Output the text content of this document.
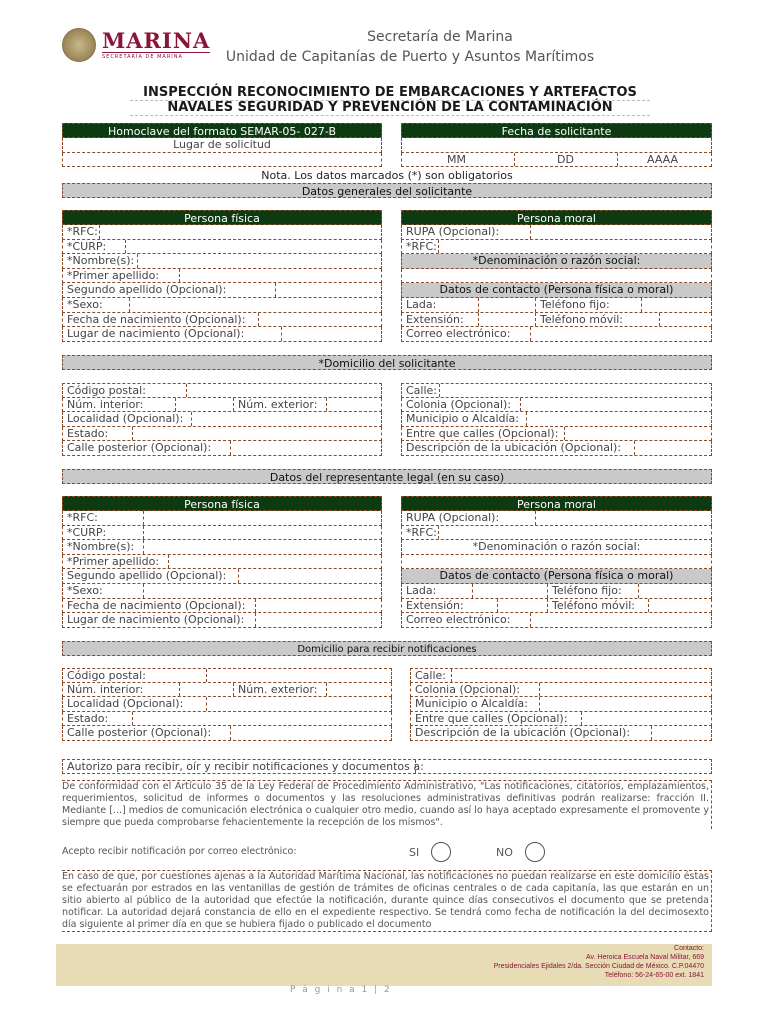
MARINA
SECRETARÍA DE MARINA
Secretaría de Marina
Unidad de Capitanías de Puerto y Asuntos Marítimos
INSPECCIÓN RECONOCIMIENTO DE EMBARCACIONES Y ARTEFACTOS
NAVALES SEGURIDAD Y PREVENCIÓN DE LA CONTAMINACIÓN
Homoclave del formato SEMAR-05- 027-B
Lugar de solicitud
Fecha de solicitante
MM	DD	AAAA
Nota. Los datos marcados (*) son obligatorios
Datos generales del solicitante
Persona física
*RFC:
*CURP:
*Nombre(s):
*Primer apellido:
Segundo apellido (Opcional):
*Sexo:
Fecha de nacimiento (Opcional):
Lugar de nacimiento (Opcional):
Persona moral
RUPA (Opcional):
*RFC:
*Denominación o razón social:
Datos de contacto (Persona física o moral)
Lada:	Teléfono fijo:
Extensión:	Teléfono móvil:
Correo electrónico:
*Domicilio del solicitante
Código postal:
Núm. interior:	Núm. exterior:
Localidad (Opcional):
Estado:
Calle posterior (Opcional):
Calle:
Colonia (Opcional):
Municipio o Alcaldía:
Entre que calles (Opcional):
Descripción de la ubicación (Opcional):
Datos del representante legal (en su caso)
Persona física
*RFC:
*CURP:
*Nombre(s):
*Primer apellido:
Segundo apellido (Opcional):
*Sexo:
Fecha de nacimiento (Opcional):
Lugar de nacimiento (Opcional):
Persona moral
RUPA (Opcional):
*RFC:
*Denominación o razón social:
Datos de contacto (Persona física o moral)
Lada:	Teléfono fijo:
Extensión:	Teléfono móvil:
Correo electrónico:
Domicilio para recibir notificaciones
Código postal:
Núm. interior:	Núm. exterior:
Localidad (Opcional):
Estado:
Calle posterior (Opcional):
Calle:
Colonia (Opcional):
Municipio o Alcaldía:
Entre que calles (Opcional):
Descripción de la ubicación (Opcional):
Autorizo para recibir, oír y recibir notificaciones y documentos a:
De conformidad con el Artículo 35 de la Ley Federal de Procedimiento Administrativo, "Las notificaciones, citatorios, emplazamientos, requerimientos, solicitud de informes o documentos y las resoluciones administrativas definitivas podrán realizarse: fracción II. Mediante [...] medios de comunicación electrónica o cualquier otro medio, cuando así lo haya aceptado expresamente el promovente y siempre que pueda comprobarse fehacientemente la recepción de los mismos".
Acepto recibir notificación por correo electrónico:	SI	NO
En caso de que, por cuestiones ajenas a la Autoridad Marítima Nacional, las notificaciones no puedan realizarse en este domicilio éstas se efectuarán por estrados en las ventanillas de gestión de trámites de oficinas centrales o de cada capitanía, las que estarán en un sitio abierto al público de la autoridad que efectúe la notificación, durante quince días consecutivos el documento que se pretenda notificar. La autoridad dejará constancia de ello en el expediente respectivo. Se tendrá como fecha de notificación la del decimosexto día siguiente al primer día en que se hubiera fijado o publicado el documento
Contacto:
Av. Heroica Escuela Naval Militar, 669
Presidenciales Ejidales 2/da. Sección Ciudad de México. C.P.04470
Teléfono: 56-24-65-00 ext. 1841
P á g i n a 1 | 2
